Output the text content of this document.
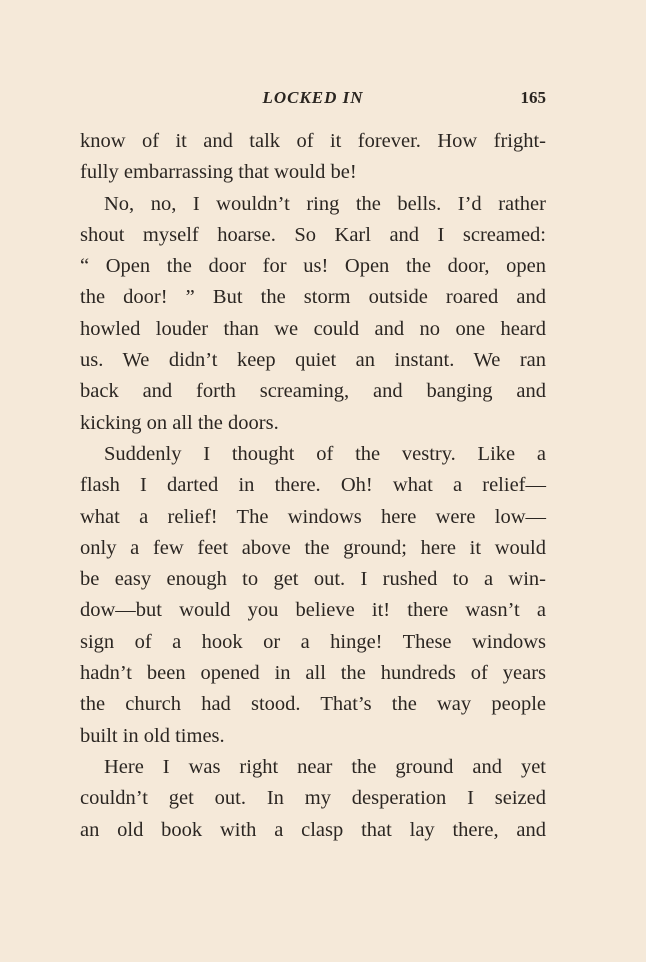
LOCKED IN	165
know of it and talk of it forever. How fright-
fully embarrassing that would be!
No, no, I wouldn’t ring the bells. I’d rather
shout myself hoarse. So Karl and I screamed:
“ Open the door for us! Open the door, open
the door! ” But the storm outside roared and
howled louder than we could and no one heard
us. We didn’t keep quiet an instant. We ran
back and forth screaming, and banging and
kicking on all the doors.
Suddenly I thought of the vestry. Like a
flash I darted in there. Oh! what a relief—
what a relief! The windows here were low—
only a few feet above the ground; here it would
be easy enough to get out. I rushed to a win-
dow—but would you believe it! there wasn’t a
sign of a hook or a hinge! These windows
hadn’t been opened in all the hundreds of years
the church had stood. That’s the way people
built in old times.
Here I was right near the ground and yet
couldn’t get out. In my desperation I seized
an old book with a clasp that lay there, and
